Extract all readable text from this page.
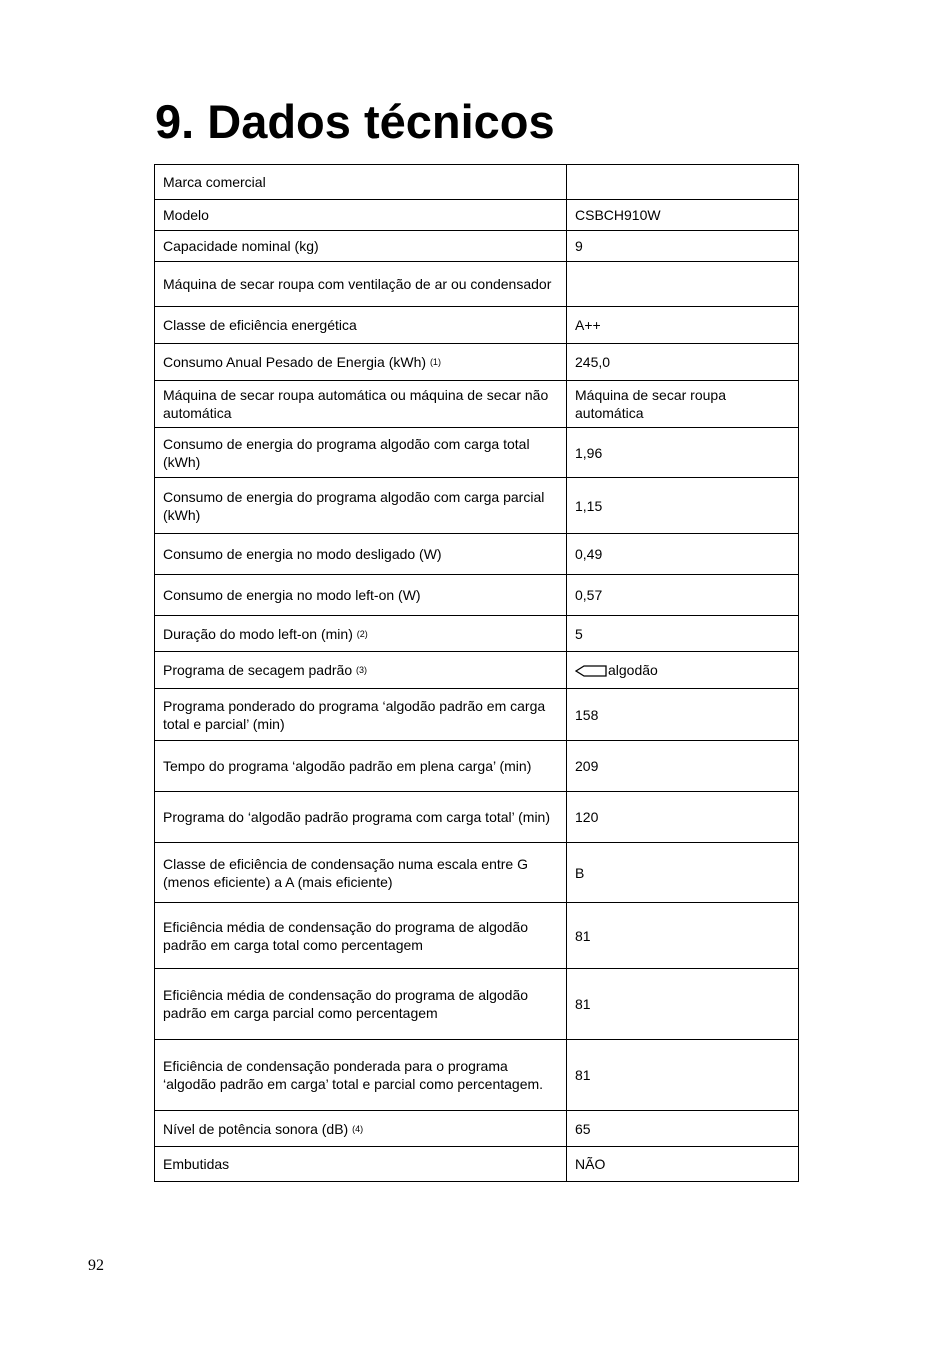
9. Dados técnicos
Marca comercial	
Modelo	CSBCH910W
Capacidade nominal (kg)	9
Máquina de secar roupa com ventilação de ar ou condensador	
Classe de eficiência energética	A++
Consumo Anual Pesado de Energia (kWh) $^{(1)}$	245,0
Máquina de secar roupa automática ou máquina de secar não automática	Máquina de secar roupa automática
Consumo de energia do programa algodão com carga total (kWh)	1,96
Consumo de energia do programa algodão com carga parcial (kWh)	1,15
Consumo de energia no modo desligado (W)	0,49
Consumo de energia no modo left-on (W)	0,57
Duração do modo left-on (min) $^{(2)}$	5
Programa de secagem padrão $^{(3)}$	algodão
Programa ponderado do programa ‘algodão padrão em carga total e parcial’ (min)	158
Tempo do programa ‘algodão padrão em plena carga’ (min)	209
Programa do ‘algodão padrão programa com carga total’ (min)	120
Classe de eficiência de condensação numa escala entre G (menos eficiente) a A (mais eficiente)	B
Eficiência média de condensação do programa de algodão padrão em carga total como percentagem	81
Eficiência média de condensação do programa de algodão padrão em carga parcial como percentagem	81
Eficiência de condensação ponderada para o programa ‘algodão padrão em carga’ total e parcial como percentagem.	81
Nível de potência sonora (dB) $^{(4)}$	65
Embutidas	NÃO
92
